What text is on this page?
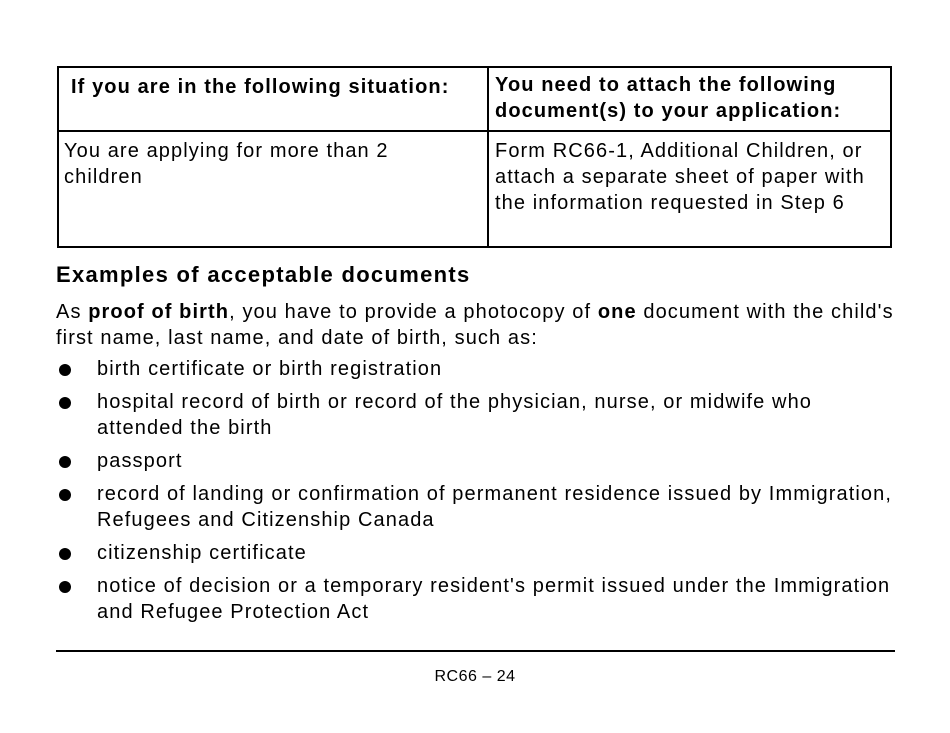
If you are in the following situation:	You need to attach the following document(s) to your application:
You are applying for more than 2 children
Form RC66-1, Additional Children, or attach a separate sheet of paper with the information requested in Step 6
Examples of acceptable documents
As proof of birth, you have to provide a photocopy of one document with the child's first name, last name, and date of birth, such as:
birth certificate or birth registration
hospital record of birth or record of the physician, nurse, or midwife who attended the birth
passport
record of landing or confirmation of permanent residence issued by Immigration, Refugees and Citizenship Canada
citizenship certificate
notice of decision or a temporary resident's permit issued under the Immigration and Refugee Protection Act
RC66 – 24
